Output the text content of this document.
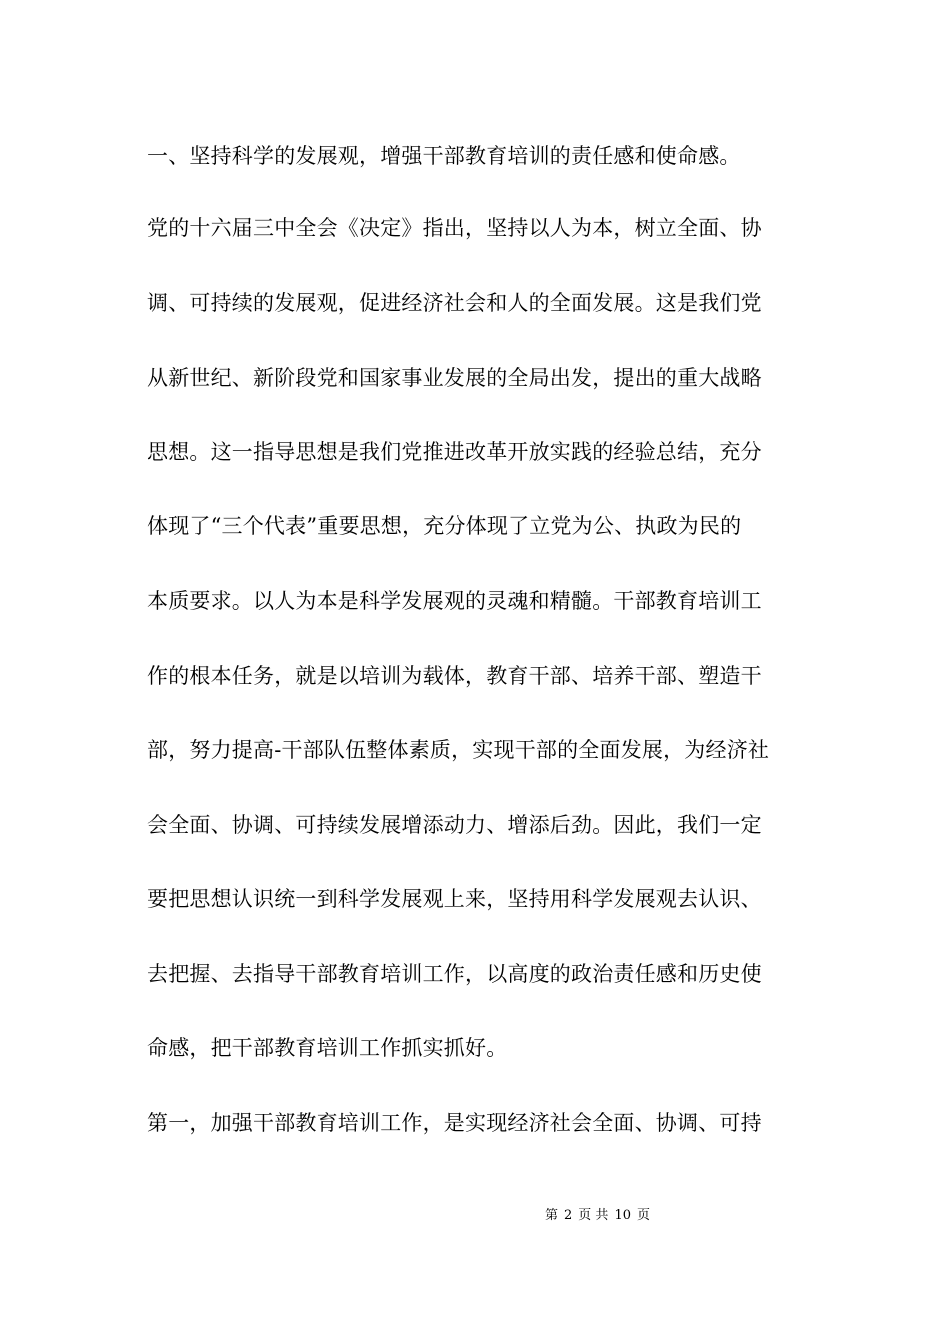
一、坚持科学的发展观，增强干部教育培训的责任感和使命感。
党的十六届三中全会《决定》指出，坚持以人为本，树立全面、协
调、可持续的发展观，促进经济社会和人的全面发展。这是我们党
从新世纪、新阶段党和国家事业发展的全局出发，提出的重大战略
思想。这一指导思想是我们党推进改革开放实践的经验总结，充分
体现了“三个代表”重要思想，充分体现了立党为公、执政为民的
本质要求。以人为本是科学发展观的灵魂和精髓。干部教育培训工
作的根本任务，就是以培训为载体，教育干部、培养干部、塑造干
部，努力提高-干部队伍整体素质，实现干部的全面发展，为经济社
会全面、协调、可持续发展增添动力、增添后劲。因此，我们一定
要把思想认识统一到科学发展观上来，坚持用科学发展观去认识、
去把握、去指导干部教育培训工作，以高度的政治责任感和历史使
命感，把干部教育培训工作抓实抓好。
第一，加强干部教育培训工作，是实现经济社会全面、协调、可持
第 2 页 共 10 页
